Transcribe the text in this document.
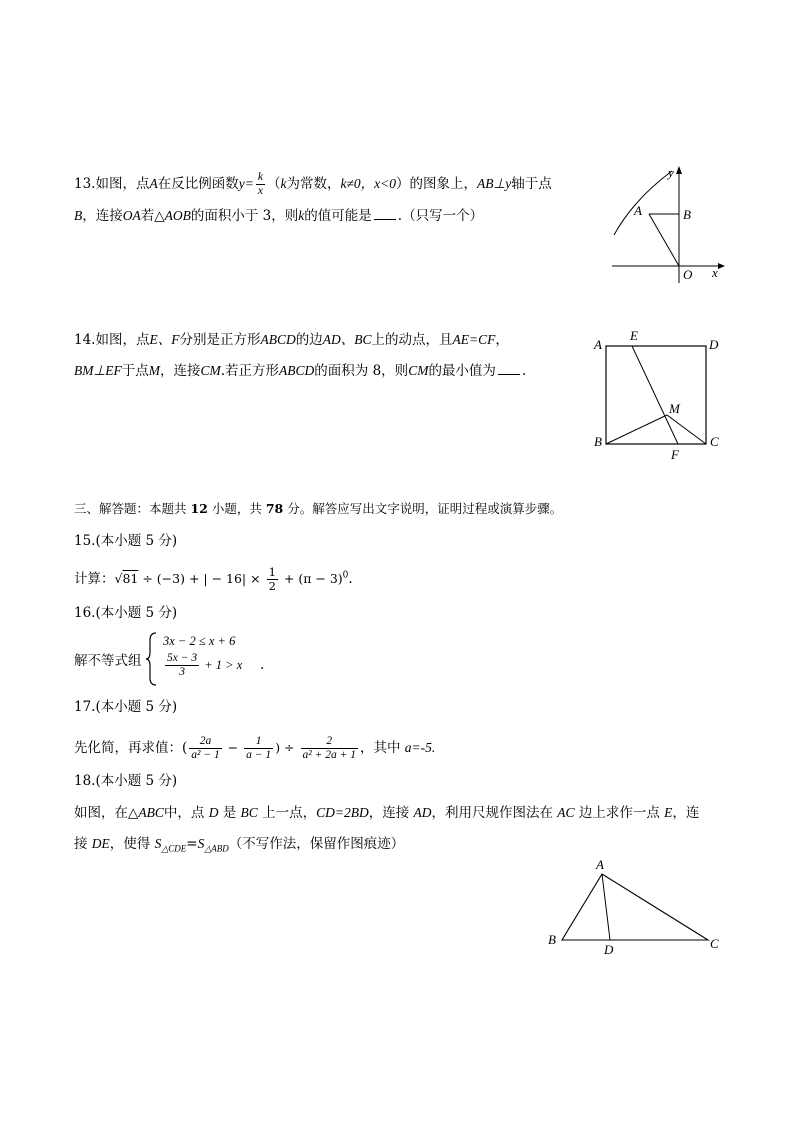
13.如图，点A在反比例函数$y= \frac{k}{x} (k$为常数，k≠0，x<0）的图象上，AB⊥y轴于点
B，连接OA若△AOB的面积小于 3，则k的值可能是 .（只写一个）
y
x
A	B
O
14.如图，点E、F分别是正方形ABCD的边AD、BC上的动点，且AE=CF，
BM⊥EF于点M，连接CM.若正方形ABCD的面积为 8，则CM的最小值为 .
A	D
E
M
B
F
C
三、解答题：本题共 12 小题，共 78 分。解答应写出文字说明，证明过程或演算步骤。
15.(本小题 5 分)
计算：√81 ÷ (−3) + | − $16| \times \frac{1}{2} + (\pi - 3)^0$.
16.(本小题 5 分)
解不等式组
3x − 2 ≤ x + 6
$\frac{5x - 3}{3} + 1 > x$ .
17.(本小题 5 分)
先化简，再求值：( $\frac{2a}{\text{a² − 1}} - \frac{1}{a - 1}$ ) ÷ $\frac{2}{\text{a² + 2a + 1}}$ ，其中 a=-5.
18.(本小题 5 分)
如图，在△ABC中，点 D 是 BC 上一点，CD=2BD，连接 AD，利用尺规作图法在 AC 边上求作一点 E，连
接 DE，使得 $S_{\triangle CDE}=S_{\triangle ABD}$（不写作法，保留作图痕迹）
A
B
D	C
